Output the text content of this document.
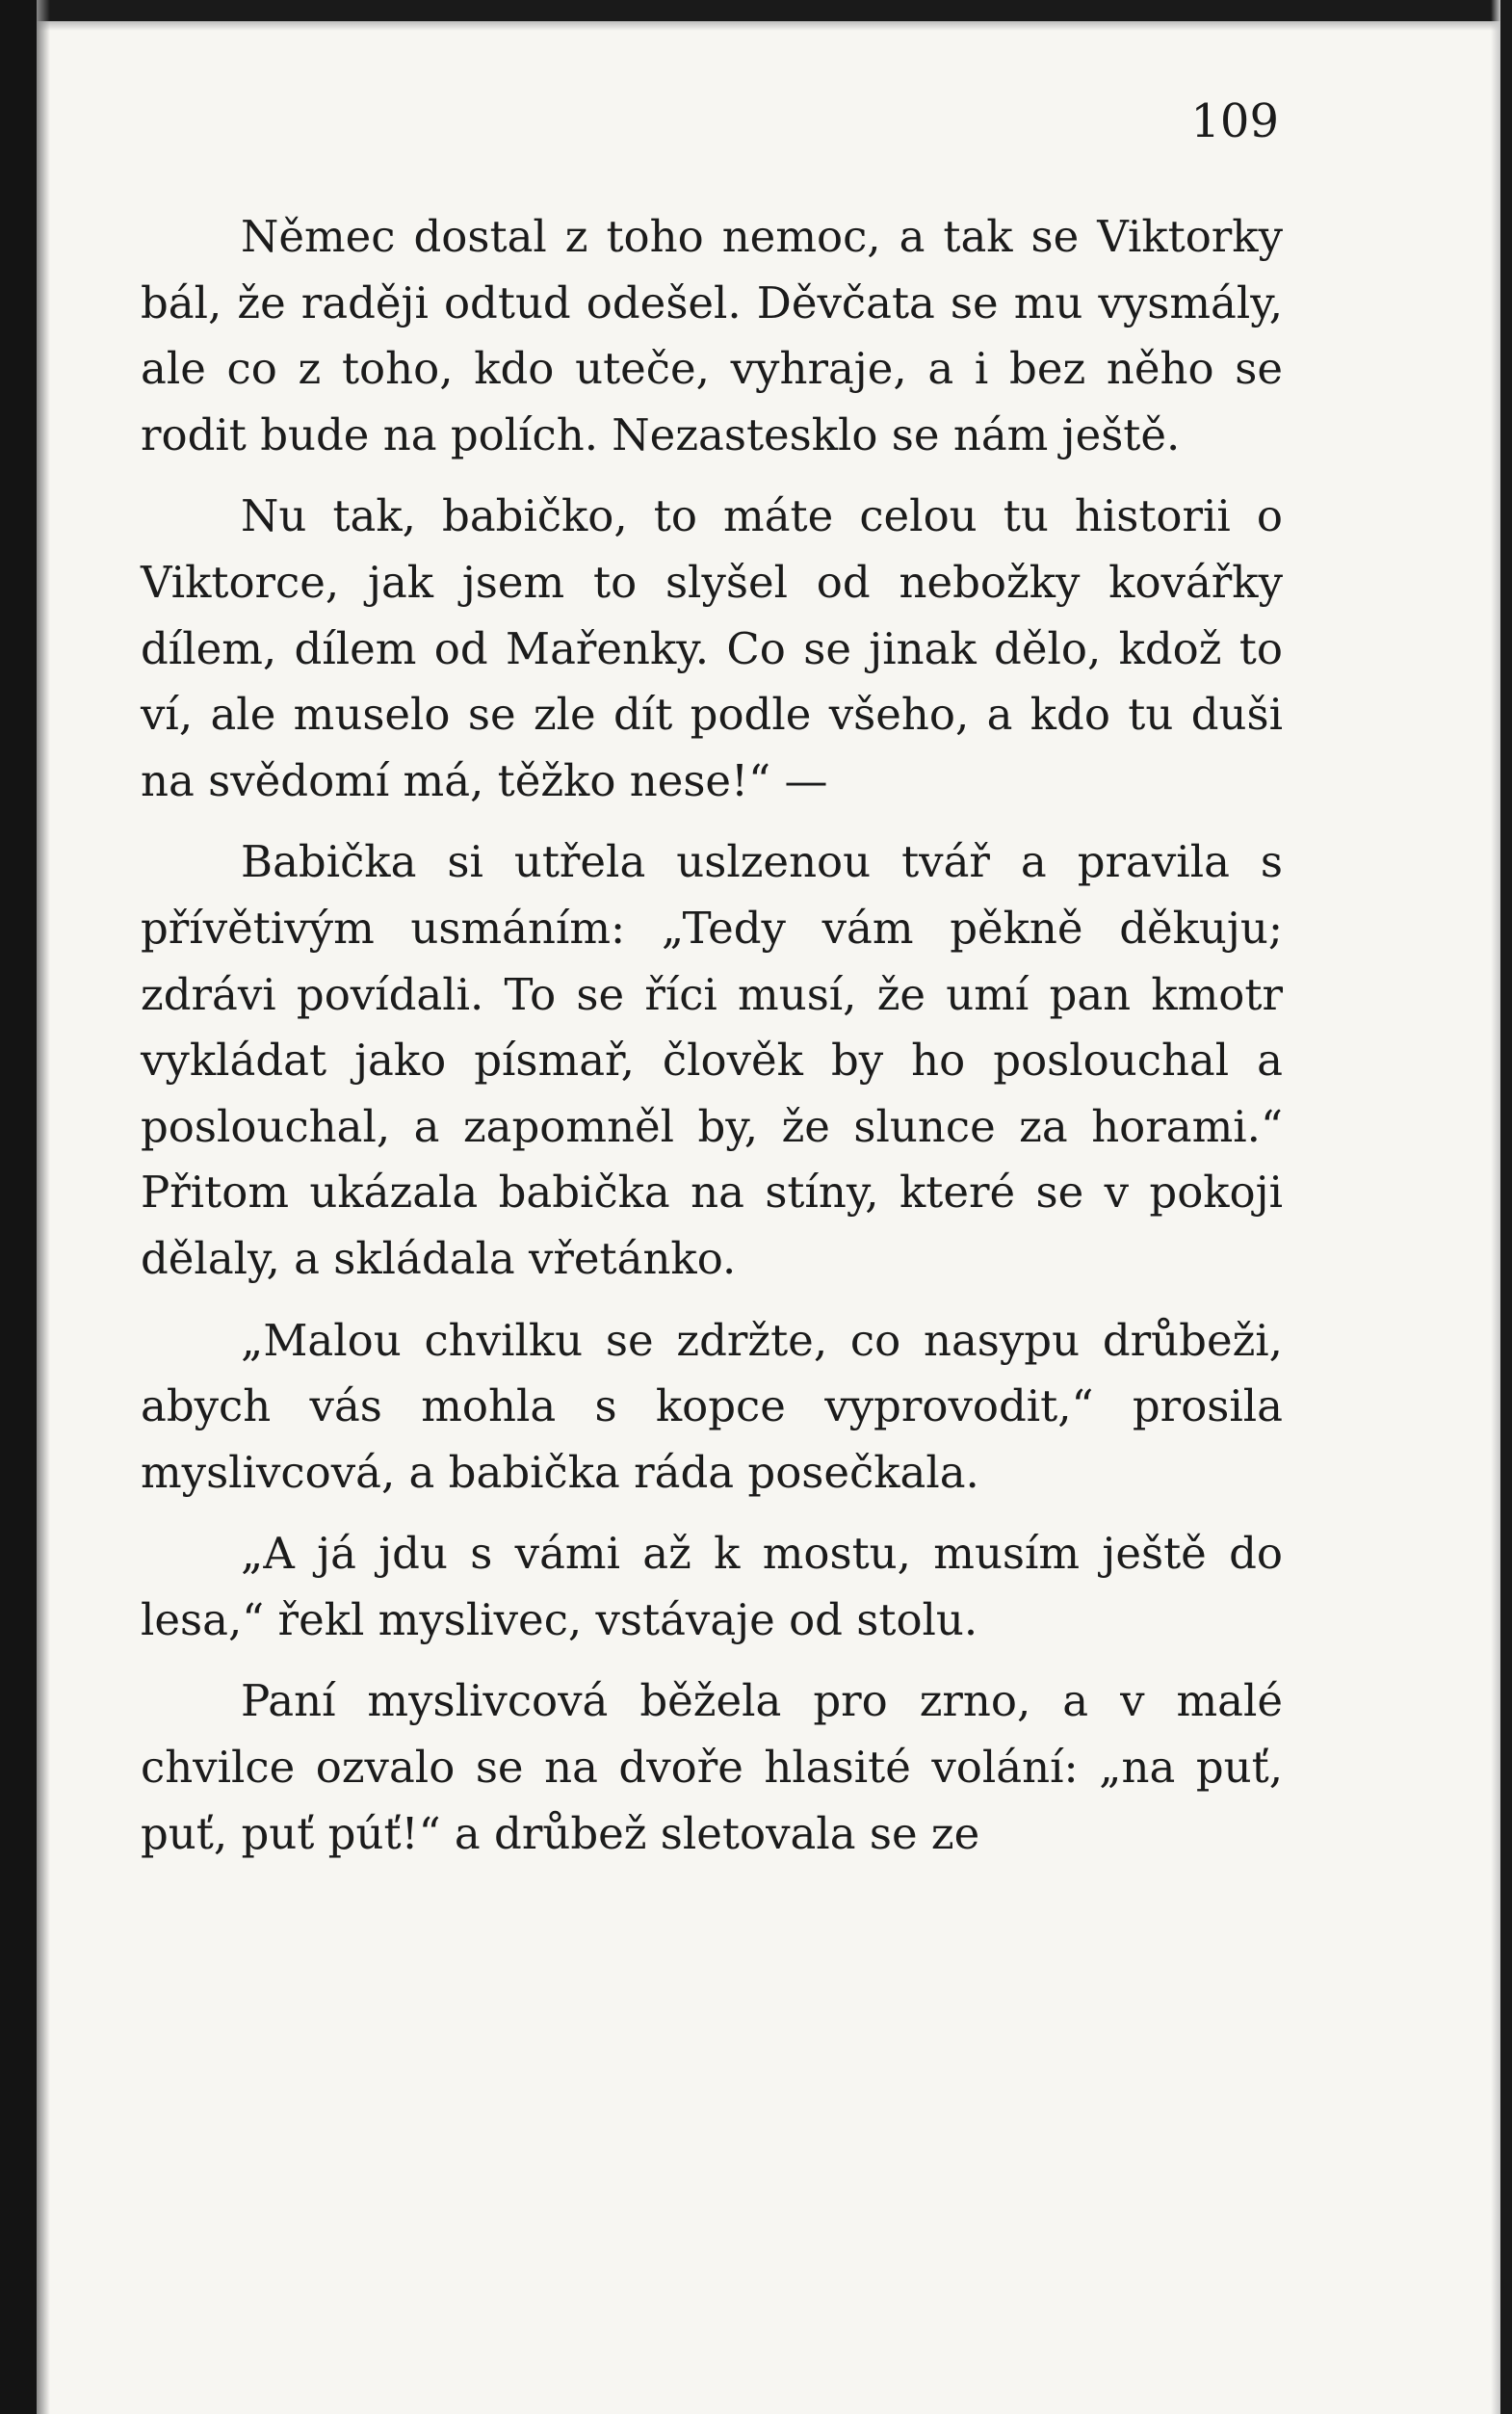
109

Němec dostal z toho nemoc, a tak se Viktorky bál, že raději odtud odešel. Děvčata se mu vysmály, ale co z toho, kdo uteče, vyhraje, a i bez něho se rodit bude na polích. Nezastesklo se nám ještě.

Nu tak, babičko, to máte celou tu historii o Viktorce, jak jsem to slyšel od nebožky kovářky dílem, dílem od Mařenky. Co se jinak dělo, kdož to ví, ale muselo se zle dít podle všeho, a kdo tu duši na svědomí má, těžko nese!“ —

Babička si utřela uslzenou tvář a pravila s přívětivým usmáním: „Tedy vám pěkně děkuju; zdrávi povídali. To se říci musí, že umí pan kmotr vykládat jako písmař, člověk by ho poslouchal a poslouchal, a zapomněl by, že slunce za horami.“ Přitom ukázala babička na stíny, které se v pokoji dělaly, a skládala vřetánko.

„Malou chvilku se zdržte, co nasypu drůbeži, abych vás mohla s kopce vyprovodit,“ prosila myslivcová, a babička ráda posečkala.

„A já jdu s vámi až k mostu, musím ještě do lesa,“ řekl myslivec, vstávaje od stolu.

Paní myslivcová běžela pro zrno, a v malé chvilce ozvalo se na dvoře hlasité volání: „na puť, puť, puť púť!“ a drůbež sletovala se ze
